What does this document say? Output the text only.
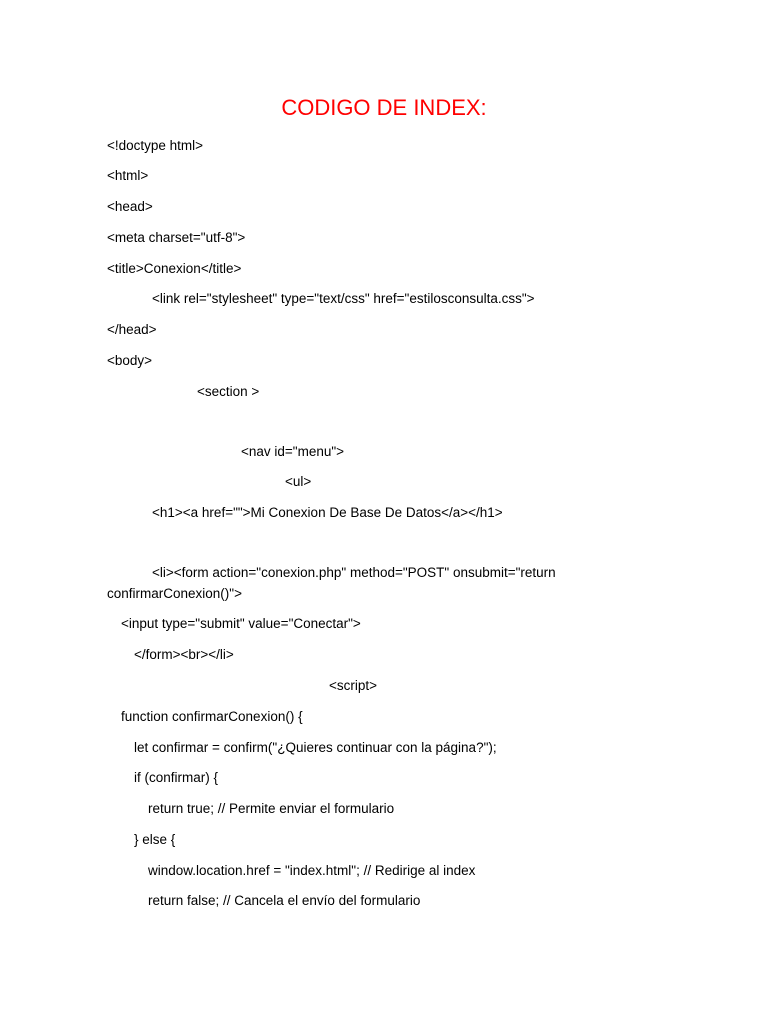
CODIGO DE INDEX:
<!doctype html>
<html>
<head>
<meta charset="utf-8">
<title>Conexion</title>
<link rel="stylesheet" type="text/css" href="estilosconsulta.css">
</head>
<body>
<section >
<nav id="menu">
<ul>
<h1><a href="">Mi Conexion De Base De Datos</a></h1>
<li><form action="conexion.php" method="POST" onsubmit="return
confirmarConexion()">
<input type="submit" value="Conectar">
</form><br></li>
<script>
function confirmarConexion() {
let confirmar = confirm("¿Quieres continuar con la página?");
if (confirmar) {
return true; // Permite enviar el formulario
} else {
window.location.href = "index.html"; // Redirige al index
return false; // Cancela el envío del formulario
